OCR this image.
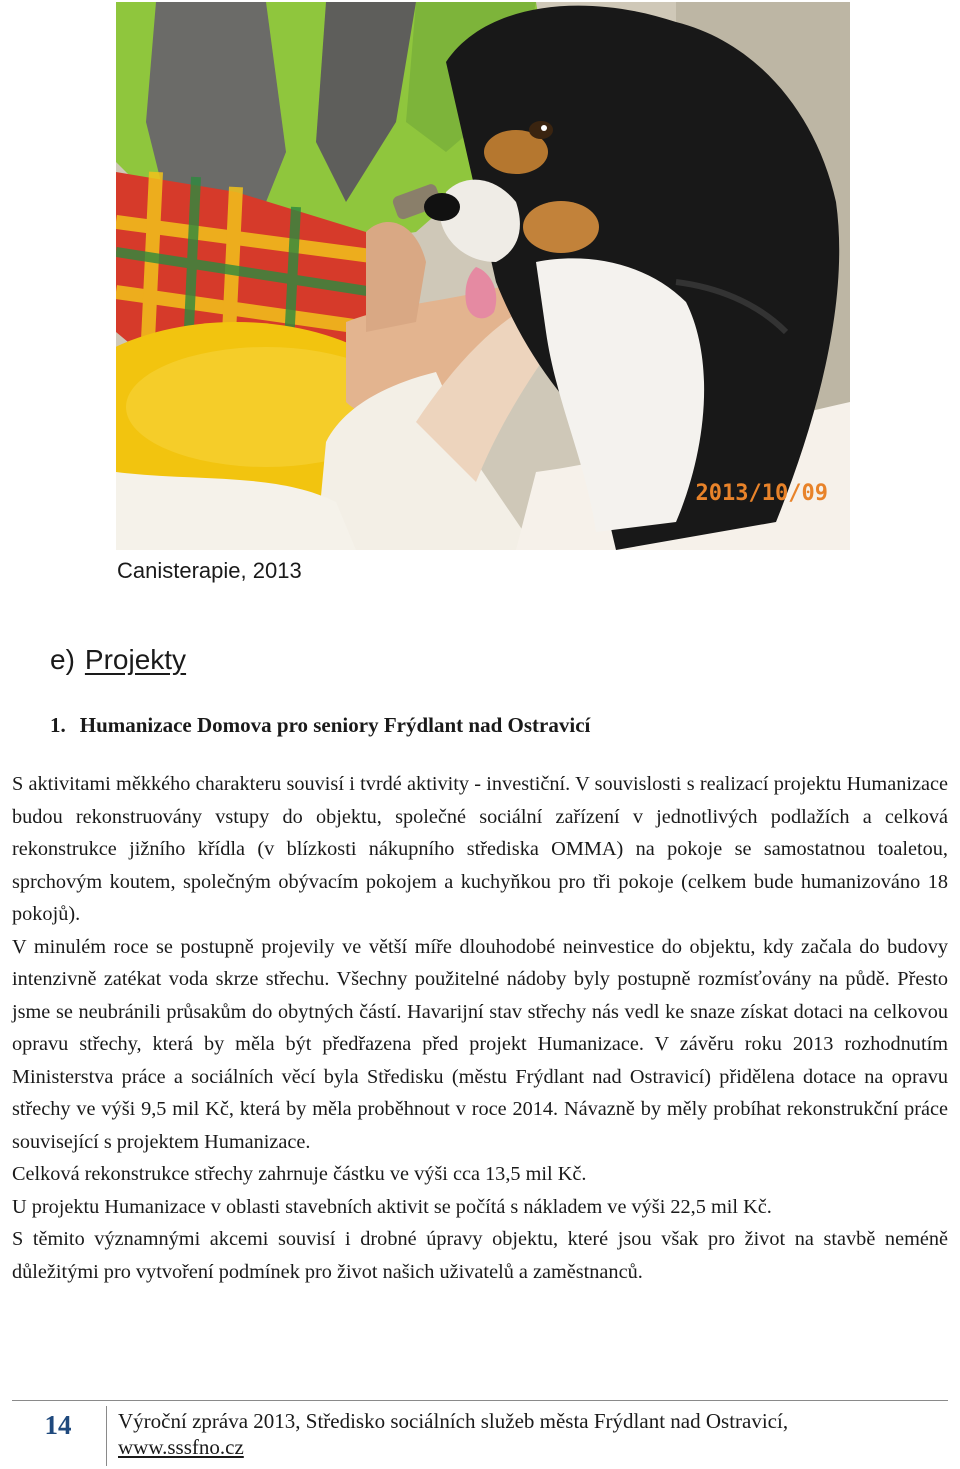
2013/10/09
Canisterapie, 2013
e) Projekty
1. Humanizace Domova pro seniory Frýdlant nad Ostravicí

S aktivitami měkkého charakteru souvisí i tvrdé aktivity - investiční. V souvislosti s realizací projektu Humanizace budou rekonstruovány vstupy do objektu, společné sociální zařízení v jednotlivých podlažích a celková rekonstrukce jižního křídla (v blízkosti nákupního střediska OMMA) na pokoje se samostatnou toaletou, sprchovým koutem, společným obývacím pokojem a kuchyňkou pro tři pokoje (celkem bude humanizováno 18 pokojů).

V minulém roce se postupně projevily ve větší míře dlouhodobé neinvestice do objektu, kdy začala do budovy intenzivně zatékat voda skrze střechu. Všechny použitelné nádoby byly postupně rozmísťovány na půdě. Přesto jsme se neubránili průsakům do obytných částí. Havarijní stav střechy nás vedl ke snaze získat dotaci na celkovou opravu střechy, která by měla být předřazena před projekt Humanizace. V závěru roku 2013 rozhodnutím Ministerstva práce a sociálních věcí byla Středisku (městu Frýdlant nad Ostravicí) přidělena dotace na opravu střechy ve výši 9,5 mil Kč, která by měla proběhnout v roce 2014. Návazně by měly probíhat rekonstrukční práce související s projektem Humanizace.

Celková rekonstrukce střechy zahrnuje částku ve výši cca 13,5 mil Kč.

U projektu Humanizace v oblasti stavebních aktivit se počítá s nákladem ve výši 22,5 mil Kč.

S těmito významnými akcemi souvisí i drobné úpravy objektu, které jsou však pro život na stavbě neméně důležitými pro vytvoření podmínek pro život našich uživatelů a zaměstnanců.

14	Výroční zpráva 2013, Středisko sociálních služeb města Frýdlant nad Ostravicí,
www.sssfno.cz
